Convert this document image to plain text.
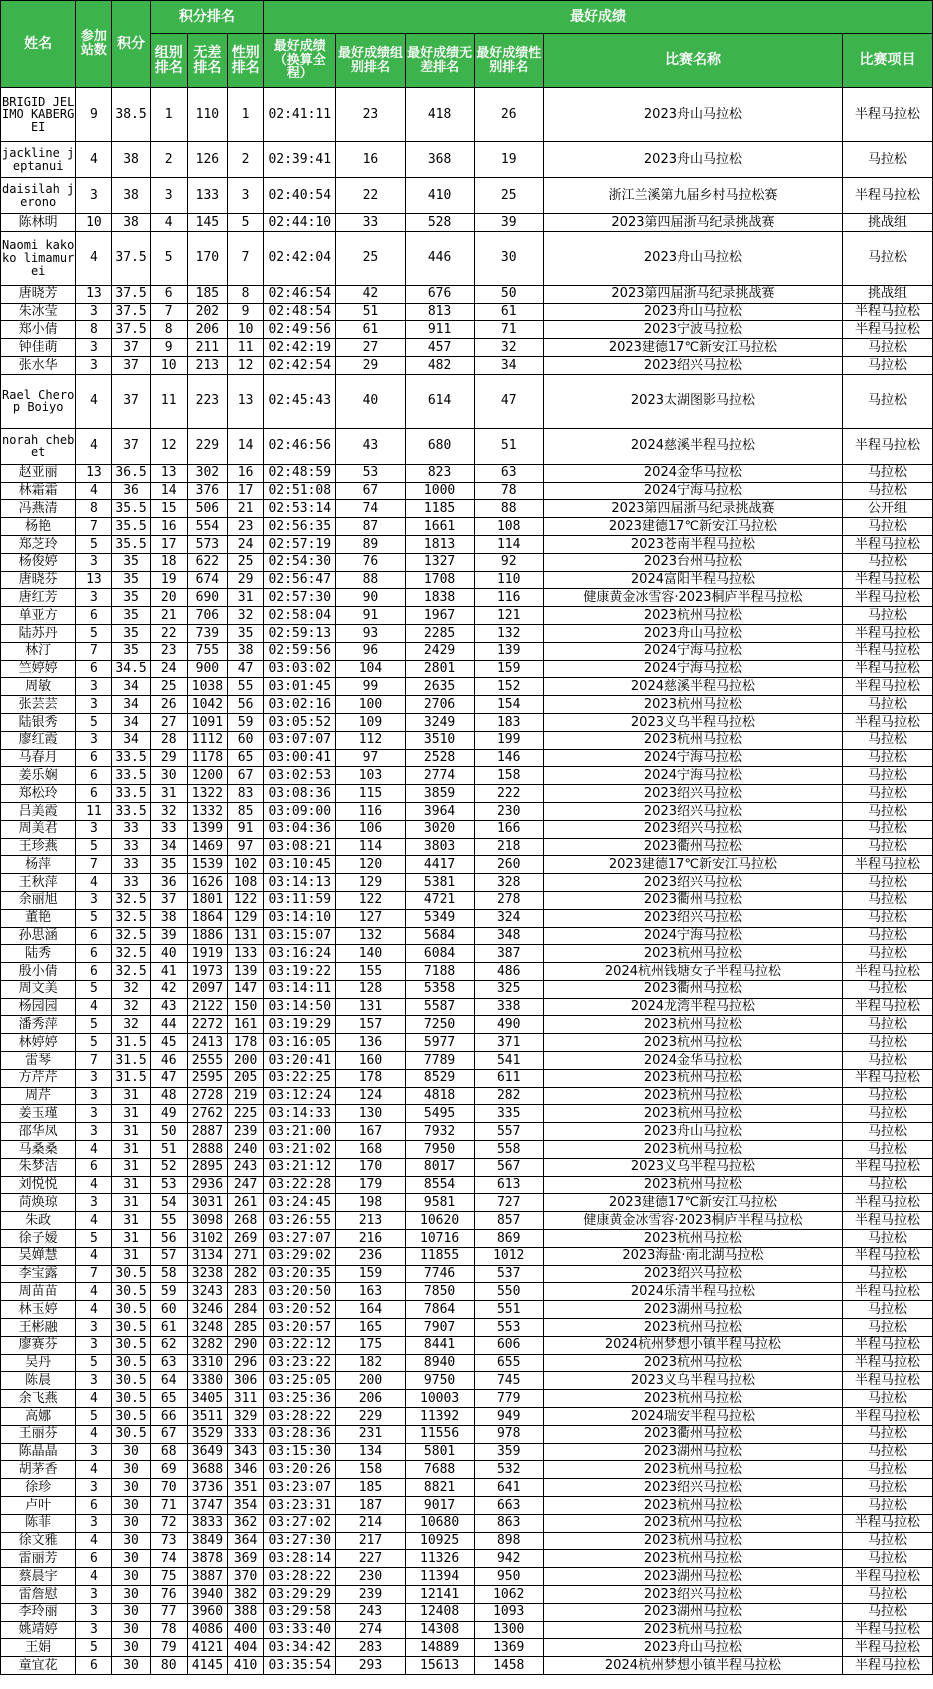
姓名	参加站数	积分	积分排名			最好成绩					
			组别排名	无差排名	性别排名	最好成绩（换算全程）	最好成绩组别排名	最好成绩无差排名	最好成绩性别排名	比赛名称	比赛项目
BRIGID JELIMO KABERGEI	9	38.5	1	110	1	02:41:11	23	418	26	2023舟山马拉松	半程马拉松
jackline jeptanui	4	38	2	126	2	02:39:41	16	368	19	2023舟山马拉松	马拉松
daisilah jerono	3	38	3	133	3	02:40:54	22	410	25	浙江兰溪第九届乡村马拉松赛	半程马拉松
陈林明	10	38	4	145	5	02:44:10	33	528	39	2023第四届浙马纪录挑战赛	挑战组
Naomi kakoko limamurei	4	37.5	5	170	7	02:42:04	25	446	30	2023舟山马拉松	马拉松
唐晓芳	13	37.5	6	185	8	02:46:54	42	676	50	2023第四届浙马纪录挑战赛	挑战组
朱冰莹	3	37.5	7	202	9	02:48:54	51	813	61	2023舟山马拉松	半程马拉松
郑小倩	8	37.5	8	206	10	02:49:56	61	911	71	2023宁波马拉松	半程马拉松
钟佳萌	3	37	9	211	11	02:42:19	27	457	32	2023建德17℃新安江马拉松	马拉松
张水华	3	37	10	213	12	02:42:54	29	482	34	2023绍兴马拉松	马拉松
Rael Cherop Boiyo	4	37	11	223	13	02:45:43	40	614	47	2023太湖图影马拉松	马拉松
norah chebet	4	37	12	229	14	02:46:56	43	680	51	2024慈溪半程马拉松	半程马拉松
赵亚丽	13	36.5	13	302	16	02:48:59	53	823	63	2024金华马拉松	马拉松
林霜霜	4	36	14	376	17	02:51:08	67	1000	78	2024宁海马拉松	马拉松
冯燕清	8	35.5	15	506	21	02:53:14	74	1185	88	2023第四届浙马纪录挑战赛	公开组
杨艳	7	35.5	16	554	23	02:56:35	87	1661	108	2023建德17℃新安江马拉松	马拉松
郑芝玲	5	35.5	17	573	24	02:57:19	89	1813	114	2023苍南半程马拉松	半程马拉松
杨俊婷	3	35	18	622	25	02:54:30	76	1327	92	2023台州马拉松	马拉松
唐晓芬	13	35	19	674	29	02:56:47	88	1708	110	2024富阳半程马拉松	半程马拉松
唐红芳	3	35	20	690	31	02:57:30	90	1838	116	健康黄金冰雪容·2023桐庐半程马拉松	半程马拉松
单亚方	6	35	21	706	32	02:58:04	91	1967	121	2023杭州马拉松	马拉松
陆苏丹	5	35	22	739	35	02:59:13	93	2285	132	2023舟山马拉松	半程马拉松
林汀	7	35	23	755	38	02:59:56	96	2429	139	2024宁海马拉松	半程马拉松
竺婷婷	6	34.5	24	900	47	03:03:02	104	2801	159	2024宁海马拉松	半程马拉松
周敏	3	34	25	1038	55	03:01:45	99	2635	152	2024慈溪半程马拉松	半程马拉松
张芸芸	3	34	26	1042	56	03:02:16	100	2706	154	2023杭州马拉松	马拉松
陆银秀	5	34	27	1091	59	03:05:52	109	3249	183	2023义乌半程马拉松	半程马拉松
廖红霞	3	34	28	1112	60	03:07:07	112	3510	199	2023杭州马拉松	马拉松
马春月	6	33.5	29	1178	65	03:00:41	97	2528	146	2024宁海马拉松	马拉松
姜乐娴	6	33.5	30	1200	67	03:02:53	103	2774	158	2024宁海马拉松	马拉松
郑松玲	6	33.5	31	1322	83	03:08:36	115	3859	222	2023绍兴马拉松	马拉松
吕美霞	11	33.5	32	1332	85	03:09:00	116	3964	230	2023绍兴马拉松	马拉松
周美君	3	33	33	1399	91	03:04:36	106	3020	166	2023绍兴马拉松	马拉松
王珍燕	5	33	34	1469	97	03:08:21	114	3803	218	2023衢州马拉松	马拉松
杨萍	7	33	35	1539	102	03:10:45	120	4417	260	2023建德17℃新安江马拉松	半程马拉松
王秋萍	4	33	36	1626	108	03:14:13	129	5381	328	2023绍兴马拉松	马拉松
余丽旭	3	32.5	37	1801	122	03:11:59	122	4721	278	2023衢州马拉松	马拉松
董艳	5	32.5	38	1864	129	03:14:10	127	5349	324	2023绍兴马拉松	马拉松
孙思涵	6	32.5	39	1886	131	03:15:07	132	5684	348	2024宁海马拉松	马拉松
陆秀	6	32.5	40	1919	133	03:16:24	140	6084	387	2023杭州马拉松	马拉松
殷小倩	6	32.5	41	1973	139	03:19:22	155	7188	486	2024杭州钱塘女子半程马拉松	半程马拉松
周文美	5	32	42	2097	147	03:14:11	128	5358	325	2023衢州马拉松	马拉松
杨园园	4	32	43	2122	150	03:14:50	131	5587	338	2024龙湾半程马拉松	半程马拉松
潘秀萍	5	32	44	2272	161	03:19:29	157	7250	490	2023杭州马拉松	马拉松
林婷婷	5	31.5	45	2413	178	03:16:05	136	5977	371	2023杭州马拉松	马拉松
雷琴	7	31.5	46	2555	200	03:20:41	160	7789	541	2024金华马拉松	马拉松
方芹芹	3	31.5	47	2595	205	03:22:25	178	8529	611	2023杭州马拉松	半程马拉松
周芹	3	31	48	2728	219	03:12:24	124	4818	282	2023杭州马拉松	马拉松
姜玉瑾	3	31	49	2762	225	03:14:33	130	5495	335	2023杭州马拉松	马拉松
邵华凤	3	31	50	2887	239	03:21:00	167	7932	557	2023舟山马拉松	马拉松
马桑桑	4	31	51	2888	240	03:21:02	168	7950	558	2023杭州马拉松	马拉松
朱梦洁	6	31	52	2895	243	03:21:12	170	8017	567	2023义乌半程马拉松	半程马拉松
刘悦悦	4	31	53	2936	247	03:22:28	179	8554	613	2023杭州马拉松	马拉松
苘焕琼	3	31	54	3031	261	03:24:45	198	9581	727	2023建德17℃新安江马拉松	半程马拉松
朱政	4	31	55	3098	268	03:26:55	213	10620	857	健康黄金冰雪容·2023桐庐半程马拉松	半程马拉松
徐子嫒	5	31	56	3102	269	03:27:07	216	10716	869	2023杭州马拉松	马拉松
吴婵慧	4	31	57	3134	271	03:29:02	236	11855	1012	2023海盐·南北湖马拉松	半程马拉松
李宝露	7	30.5	58	3238	282	03:20:35	159	7746	537	2023绍兴马拉松	马拉松
周苗苗	4	30.5	59	3243	283	03:20:50	163	7850	550	2024乐清半程马拉松	半程马拉松
林玉婷	4	30.5	60	3246	284	03:20:52	164	7864	551	2023湖州马拉松	马拉松
王彬融	3	30.5	61	3248	285	03:20:57	165	7907	553	2023杭州马拉松	马拉松
廖赛芬	3	30.5	62	3282	290	03:22:12	175	8441	606	2024杭州梦想小镇半程马拉松	半程马拉松
吴丹	5	30.5	63	3310	296	03:23:22	182	8940	655	2023杭州马拉松	半程马拉松
陈晨	3	30.5	64	3380	306	03:25:05	200	9750	745	2023义乌半程马拉松	半程马拉松
余飞燕	4	30.5	65	3405	311	03:25:36	206	10003	779	2023杭州马拉松	马拉松
高娜	5	30.5	66	3511	329	03:28:22	229	11392	949	2024瑞安半程马拉松	半程马拉松
王丽芬	4	30.5	67	3529	333	03:28:36	231	11556	978	2023衢州马拉松	马拉松
陈晶晶	3	30	68	3649	343	03:15:30	134	5801	359	2023湖州马拉松	马拉松
胡茅香	4	30	69	3688	346	03:20:26	158	7688	532	2023杭州马拉松	马拉松
徐珍	3	30	70	3736	351	03:23:07	185	8821	641	2023绍兴马拉松	马拉松
卢叶	6	30	71	3747	354	03:23:31	187	9017	663	2023杭州马拉松	马拉松
陈菲	3	30	72	3833	362	03:27:02	214	10680	863	2023杭州马拉松	半程马拉松
徐文雅	4	30	73	3849	364	03:27:30	217	10925	898	2023杭州马拉松	马拉松
雷丽芳	6	30	74	3878	369	03:28:14	227	11326	942	2023杭州马拉松	马拉松
蔡晨宇	4	30	75	3887	370	03:28:22	230	11394	950	2023湖州马拉松	半程马拉松
雷詹慰	3	30	76	3940	382	03:29:29	239	12141	1062	2023绍兴马拉松	马拉松
李玲丽	3	30	77	3960	388	03:29:58	243	12408	1093	2023湖州马拉松	马拉松
姚靖婷	3	30	78	4086	400	03:33:40	274	14308	1300	2023杭州马拉松	半程马拉松
王娟	5	30	79	4121	404	03:34:42	283	14889	1369	2023舟山马拉松	半程马拉松
童宜花	6	30	80	4145	410	03:35:54	293	15613	1458	2024杭州梦想小镇半程马拉松	半程马拉松
